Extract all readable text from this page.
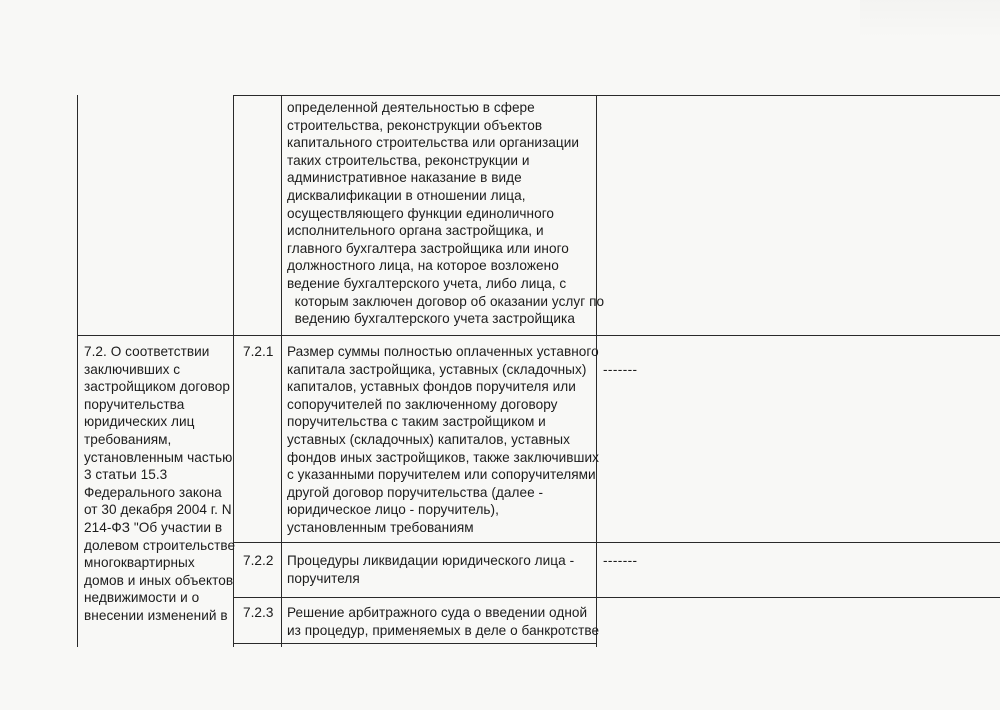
определенной деятельностью в сфере
строительства, реконструкции объектов
капитального строительства или организации
таких строительства, реконструкции и
административное наказание в виде
дисквалификации в отношении лица,
осуществляющего функции единоличного
исполнительного органа застройщика, и
главного бухгалтера застройщика или иного
должностного лица, на которое возложено
ведение бухгалтерского учета, либо лица, с
которым заключен договор об оказании услуг по
ведению бухгалтерского учета застройщика
7.2. О соответствии
заключивших с
застройщиком договор
поручительства
юридических лиц
требованиям,
установленным частью
3 статьи 15.3
Федерального закона
от 30 декабря 2004 г. N
214-ФЗ "Об участии в
долевом строительстве
многоквартирных
домов и иных объектов
недвижимости и о
внесении изменений в
7.2.1 Размер суммы полностью оплаченных уставного
капитала застройщика, уставных (складочных)
капиталов, уставных фондов поручителя или
сопоручителей по заключенному договору
поручительства с таким застройщиком и
уставных (складочных) капиталов, уставных
фондов иных застройщиков, также заключивших
с указанными поручителем или сопоручителями
другой договор поручительства (далее -
юридическое лицо - поручитель),
установленным требованиям
-------
7.2.2 Процедуры ликвидации юридического лица -
поручителя
-------
7.2.3 Решение арбитражного суда о введении одной
из процедур, применяемых в деле о банкротстве
